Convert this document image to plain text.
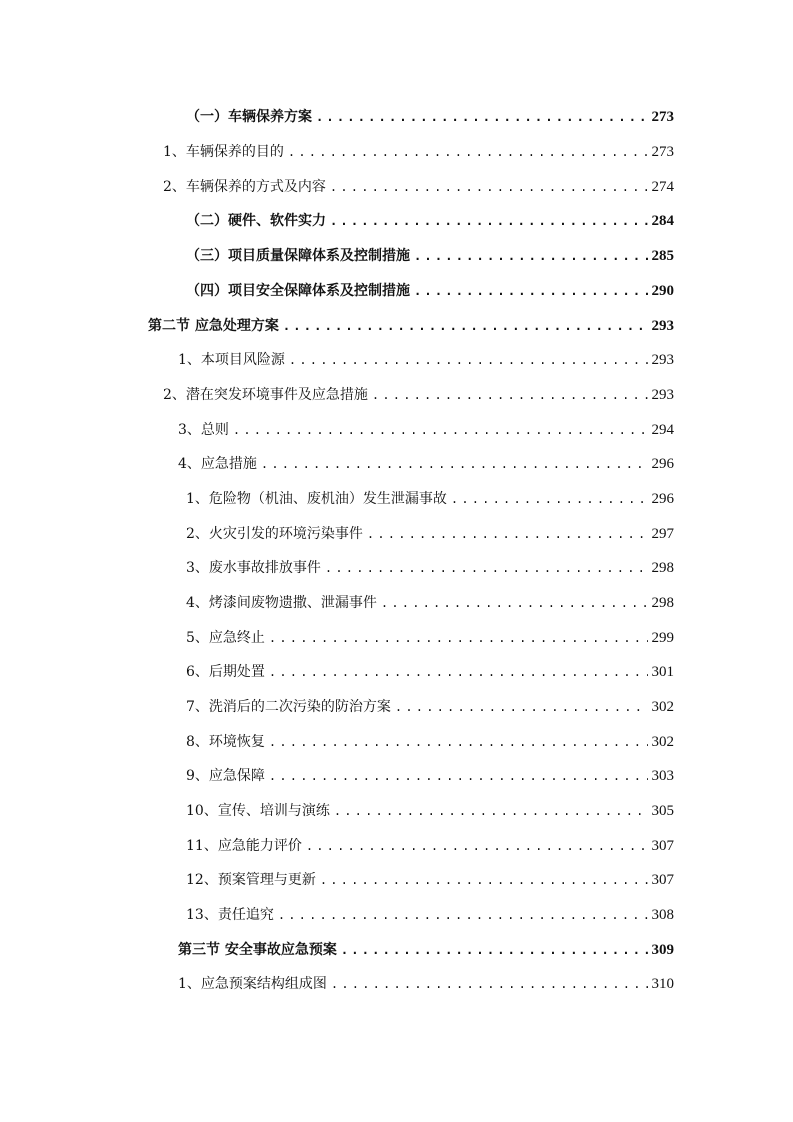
（一）车辆保养方案 .....	273
1、车辆保养的目的 .....	273
2、车辆保养的方式及内容 .....	274
（二）硬件、软件实力 .....	284
（三）项目质量保障体系及控制措施 .....	285
（四）项目安全保障体系及控制措施 .....	290
第二节 应急处理方案 .....	293
1、本项目风险源 .....	293
2、潜在突发环境事件及应急措施 .....	293
3、总则 .....	294
4、应急措施 .....	296
1、危险物（机油、废机油）发生泄漏事故 .....	296
2、火灾引发的环境污染事件 .....	297
3、废水事故排放事件 .....	298
4、烤漆间废物遗撒、泄漏事件 .....	298
5、应急终止 .....	299
6、后期处置 .....	301
7、洗消后的二次污染的防治方案 .....	302
8、环境恢复 .....	302
9、应急保障 .....	303
10、宣传、培训与演练 .....	305
11、应急能力评价 .....	307
12、预案管理与更新 .....	307
13、责任追究 .....	308
第三节 安全事故应急预案 .....	309
1、应急预案结构组成图 .....	310
